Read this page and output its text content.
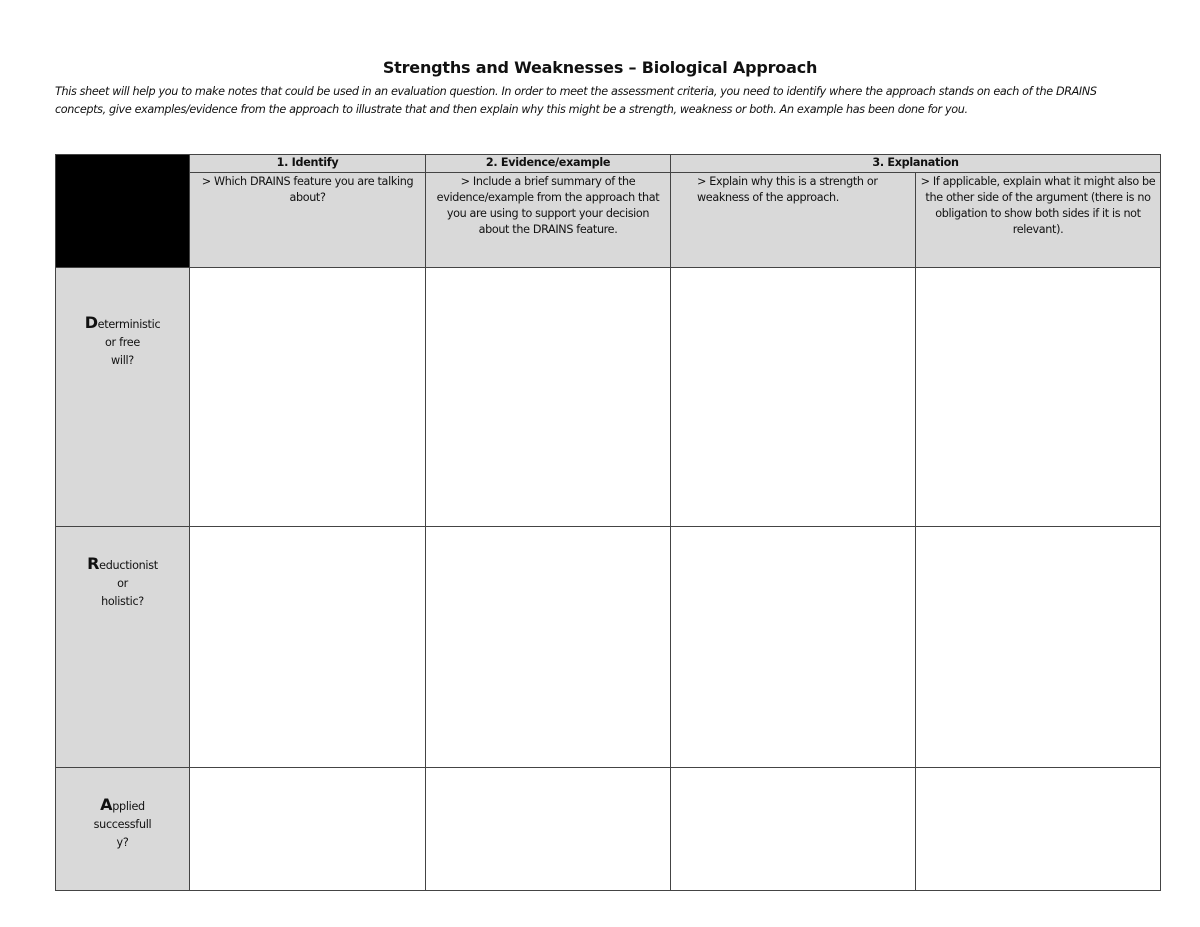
Strengths and Weaknesses – Biological Approach

This sheet will help you to make notes that could be used in an evaluation question. In order to meet the assessment criteria, you need to identify where the approach stands on each of the DRAINS concepts, give examples/evidence from the approach to illustrate that and then explain why this might be a strength, weakness or both. An example has been done for you.

	1. Identify	2. Evidence/example	3. Explanation	
	> Which DRAINS feature you are talking about?	> Include a brief summary of the evidence/example from the approach that you are using to support your decision about the DRAINS feature.	> Explain why this is a strength or weakness of the approach.	> If applicable, explain what it might also be the other side of the argument (there is no obligation to show both sides if it is not relevant).

Deterministic
or free
will?				

Reductionist
or
holistic?				

Applied
successfull
y?				
